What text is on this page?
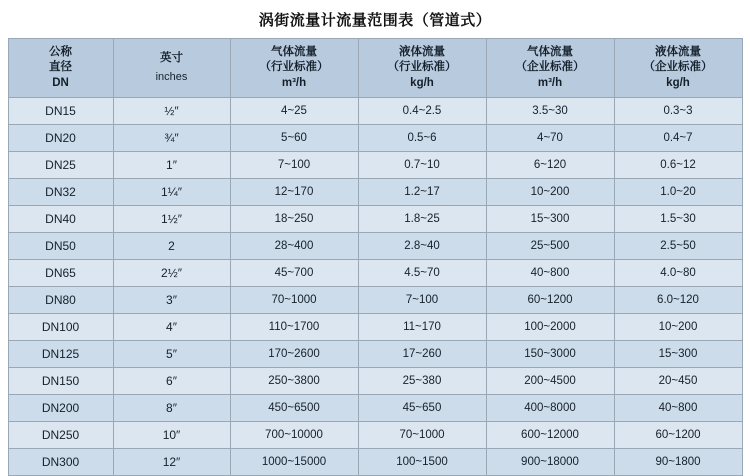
涡街流量计流量范围表（管道式）
公称
直径
DN	英寸
inches	气体流量
（行业标准）
m³/h	液体流量
（行业标准）
kg/h	气体流量
（企业标准）
m³/h	液体流量
（企业标准）
kg/h

DN15	½″	4~25	0.4~2.5	3.5~30	0.3~3
DN20	¾″	5~60	0.5~6	4~70	0.4~7
DN25	1″	7~100	0.7~10	6~120	0.6~12
DN32	1¼″	12~170	1.2~17	10~200	1.0~20
DN40	1½″	18~250	1.8~25	15~300	1.5~30
DN50	2	28~400	2.8~40	25~500	2.5~50
DN65	2½″	45~700	4.5~70	40~800	4.0~80
DN80	3″	70~1000	7~100	60~1200	6.0~120
DN100	4″	110~1700	11~170	100~2000	10~200
DN125	5″	170~2600	17~260	150~3000	15~300
DN150	6″	250~3800	25~380	200~4500	20~450
DN200	8″	450~6500	45~650	400~8000	40~800
DN250	10″	700~10000	70~1000	600~12000	60~1200
DN300	12″	1000~15000	100~1500	900~18000	90~1800
